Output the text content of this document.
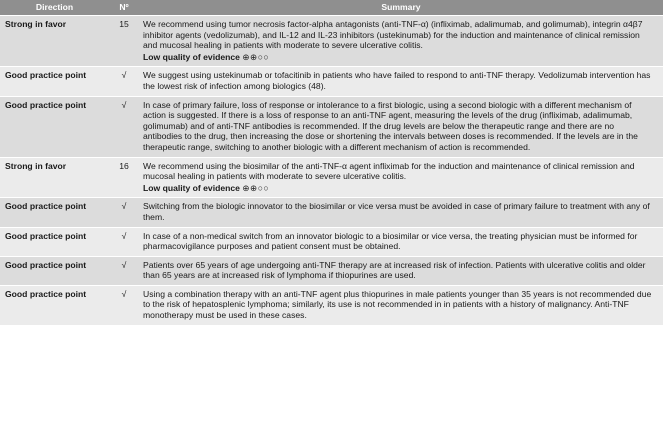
Direction	Nº	Summary
Strong in favor	15	We recommend using tumor necrosis factor-alpha antagonists (anti-TNF-α) (infliximab, adalimumab, and golimumab), integrin α4β7 inhibitor agents (vedolizumab), and IL-12 and IL-23 inhibitors (ustekinumab) for the induction and maintenance of clinical remission and mucosal healing in patients with moderate to severe ulcerative colitis.
Low quality of evidence ⊕⊕○○

Good practice point	√	We suggest using ustekinumab or tofacitinib in patients who have failed to respond to anti-TNF therapy. Vedolizumab intervention has the lowest risk of infection among biologics (48).
Good practice point	√	In case of primary failure, loss of response or intolerance to a first biologic, using a second biologic with a different mechanism of action is suggested. If there is a loss of response to an anti-TNF agent, measuring the levels of the drug (infliximab, adalimumab, golimumab) and of anti-TNF antibodies is recommended. If the drug levels are below the therapeutic range and there are no antibodies to the drug, then increasing the dose or shortening the intervals between doses is recommended. If the levels are in the therapeutic range, switching to another biologic with a different mechanism of action is recommended.
Strong in favor	16	We recommend using the biosimilar of the anti-TNF-α agent infliximab for the induction and maintenance of clinical remission and mucosal healing in patients with moderate to severe ulcerative colitis.
Low quality of evidence ⊕⊕○○

Good practice point	√	Switching from the biologic innovator to the biosimilar or vice versa must be avoided in case of primary failure to treatment with any of them.
Good practice point	√	In case of a non-medical switch from an innovator biologic to a biosimilar or vice versa, the treating physician must be informed for pharmacovigilance purposes and patient consent must be obtained.
Good practice point	√	Patients over 65 years of age undergoing anti-TNF therapy are at increased risk of infection. Patients with ulcerative colitis and older than 65 years are at increased risk of lymphoma if thiopurines are used.
Good practice point	√	Using a combination therapy with an anti-TNF agent plus thiopurines in male patients younger than 35 years is not recommended due to the risk of hepatosplenic lymphoma; similarly, its use is not recommended in in patients with a history of malignancy. Anti-TNF monotherapy must be used in these cases.
